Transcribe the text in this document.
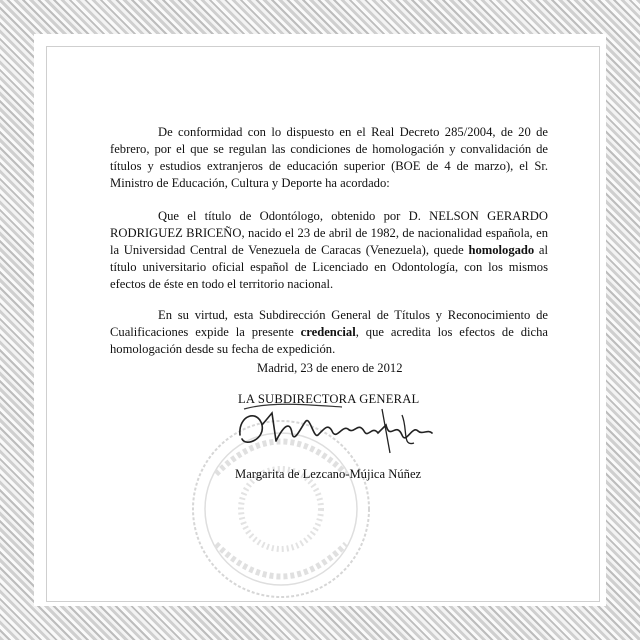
De conformidad con lo dispuesto en el Real Decreto 285/2004, de 20 de febrero, por el que se regulan las condiciones de homologación y convalidación de títulos y estudios extranjeros de educación superior (BOE de 4 de marzo), el Sr. Ministro de Educación, Cultura y Deporte ha acordado:

Que el título de Odontólogo, obtenido por D. NELSON GERARDO RODRIGUEZ BRICEÑO, nacido el 23 de abril de 1982, de nacionalidad española, en la Universidad Central de Venezuela de Caracas (Venezuela), quede homologado al título universitario oficial español de Licenciado en Odontología, con los mismos efectos de éste en todo el territorio nacional.

En su virtud, esta Subdirección General de Títulos y Reconocimiento de Cualificaciones expide la presente credencial, que acredita los efectos de dicha homologación desde su fecha de expedición.

Madrid, 23 de enero de 2012
LA SUBDIRECTORA GENERAL
Margarita de Lezcano-Mújica Núñez
